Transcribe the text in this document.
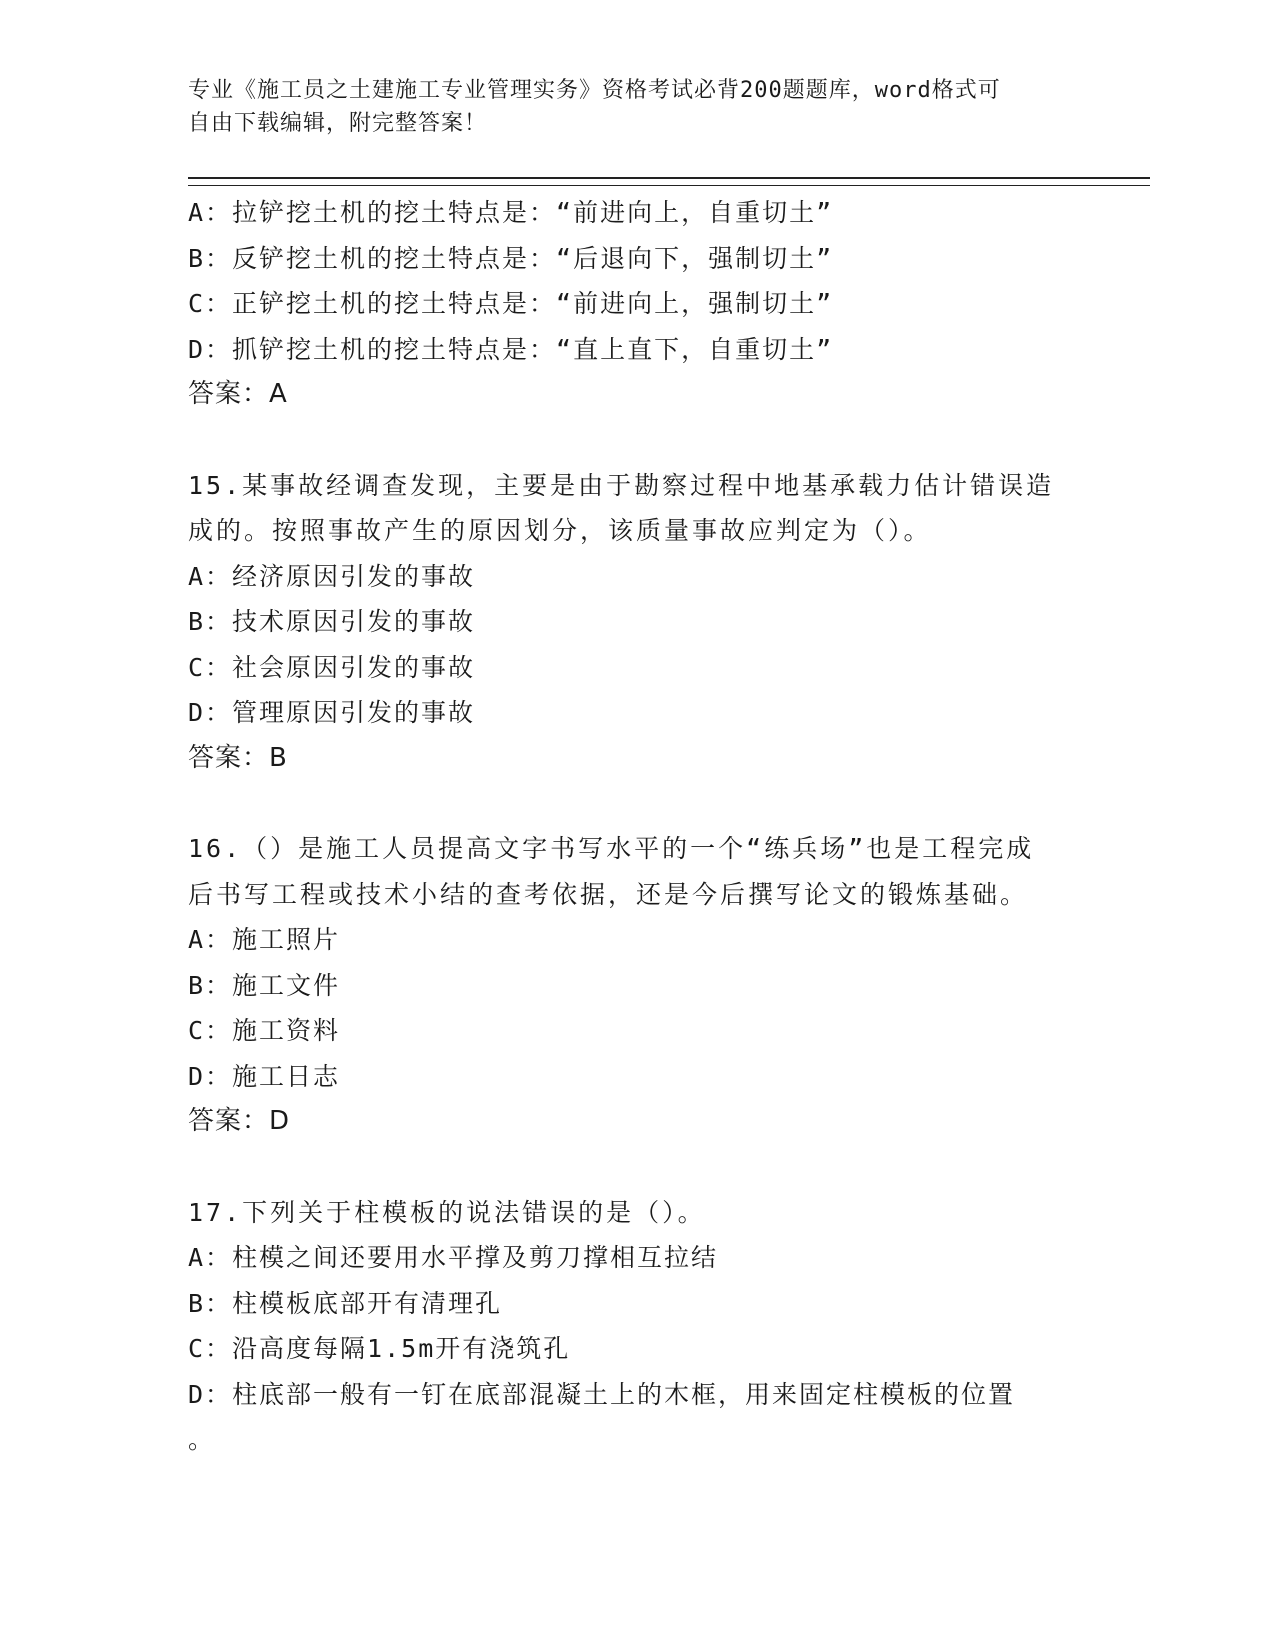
专业《施工员之土建施工专业管理实务》资格考试必背200题题库，word格式可
自由下载编辑，附完整答案！
A：拉铲挖土机的挖土特点是：“前进向上，自重切土”
B：反铲挖土机的挖土特点是：“后退向下，强制切土”
C：正铲挖土机的挖土特点是：“前进向上，强制切土”
D：抓铲挖土机的挖土特点是：“直上直下，自重切土”
答案：A
15.某事故经调查发现，主要是由于勘察过程中地基承载力估计错误造
成的。按照事故产生的原因划分，该质量事故应判定为（）。
A：经济原因引发的事故
B：技术原因引发的事故
C：社会原因引发的事故
D：管理原因引发的事故
答案：B
16.（）是施工人员提高文字书写水平的一个“练兵场”也是工程完成
后书写工程或技术小结的查考依据，还是今后撰写论文的锻炼基础。
A：施工照片
B：施工文件
C：施工资料
D：施工日志
答案：D
17.下列关于柱模板的说法错误的是（）。
A：柱模之间还要用水平撑及剪刀撑相互拉结
B：柱模板底部开有清理孔
C：沿高度每隔1.5m开有浇筑孔
D：柱底部一般有一钉在底部混凝土上的木框，用来固定柱模板的位置
。
